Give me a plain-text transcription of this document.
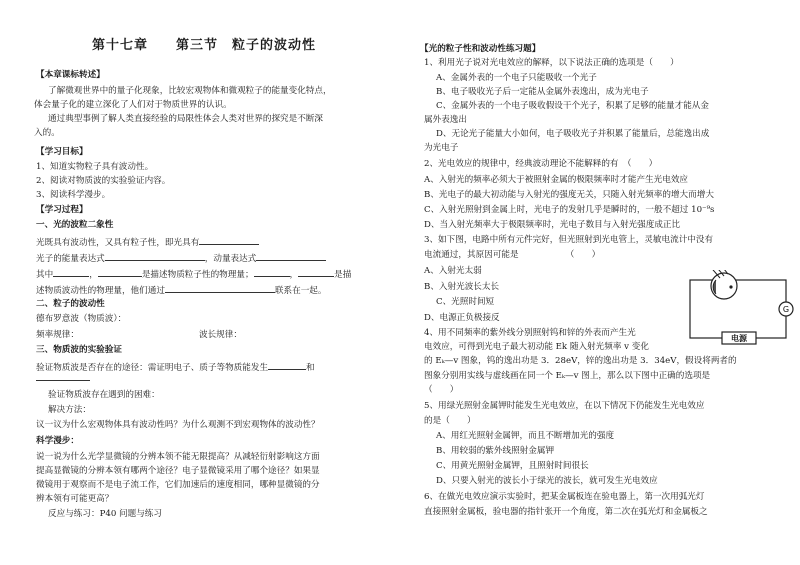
第十七章　　第三节　粒子的波动性
【本章课标转述】
了解微观世界中的量子化现象，比较宏观物体和微观粒子的能量变化特点，
体会量子化的建立深化了人们对于物质世界的认识。
通过典型事例了解人类直接经验的局限性体会人类对世界的探究是不断深
入的。
【学习目标】
1、知道实物粒子具有波动性。
2、阅读对物质波的实验验证内容。
3、阅读科学漫步。
【学习过程】
一、光的波粒二象性
光既具有波动性，又具有粒子性，即光具有
光子的能量表达式	，动量表达式
其中	，	是描述物质粒子性的物理量；	，	是描
述物质波动性的物理量，他们通过	联系在一起。
二、粒子的波动性
德布罗意波（物质波）：
频率规律：	波长规律：
三、物质波的实验验证
验证物质波是否存在的途径：需证明电子、质子等物质能发生	和
验证物质波存在遇到的困难：
解决方法：
议一议为什么宏观物体具有波动性吗？为什么观测不到宏观物体的波动性？
科学漫步：
说一说为什么光学显微镜的分辨本领不能无限提高？从减轻衍射影响这方面
提高显微镜的分辨本领有哪两个途径？电子显微镜采用了哪个途径？如果显
微镜用于观察而不是电子流工作，它们加速后的速度相同，哪种显微镜的分
辨本领有可能更高？
反应与练习：P40 问题与练习
【光的粒子性和波动性练习题】
1、利用光子说对光电效应的解释，以下说法正确的选项是（　　）
A、金属外表的一个电子只能吸收一个光子
B、电子吸收光子后一定能从金属外表逸出，成为光电子
C、金属外表的一个电子吸收假设干个光子，积累了足够的能量才能从金
属外表逸出
D、无论光子能量大小如何，电子吸收光子并积累了能量后，总能逸出成
为光电子
2、光电效应的规律中，经典波动理论不能解释的有　（　　）
A、入射光的频率必须大于被照射金属的极限频率时才能产生光电效应
B、光电子的最大初动能与入射光的强度无关，只随入射光频率的增大而增大
C、入射光照射到金属上时，光电子的发射几乎是瞬时的，一般不超过 10⁻⁹s
D、当入射光频率大于极限频率时，光电子数目与入射光强度成正比
3、如下图，电路中所有元件完好，但光照射到光电管上，灵敏电流计中没有
电流通过，其原因可能是　　　　　　（　　）
A、入射光太弱
B、入射光波长太长
C、光照时间短
D、电源正负极接反
4、用不同频率的紫外线分别照射钨和锌的外表而产生光
电效应，可得到光电子最大初动能 Ek 随入射光频率 v 变化
的 Eₖ—v 图象，钨的逸出功是 3．28eV，锌的逸出功是 3．34eV，假设将两者的
图象分别用实线与虚线画在同一个 Eₖ—v 图上，那么以下图中正确的选项是
（　　）
5、用绿光照射金属钾时能发生光电效应，在以下情况下仍能发生光电效应
的是（　　）
A、用红光照射金属钾，而且不断增加光的强度
B、用较弱的紫外线照射金属钾
C、用黄光照射金属钾，且照射时间很长
D、只要入射光的波长小于绿光的波长，就可发生光电效应
6、在做光电效应演示实验时，把某金属板连在验电器上，第一次用弧光灯
直接照射金属板，验电器的指针张开一个角度，第二次在弧光灯和金属板之
G
电源
